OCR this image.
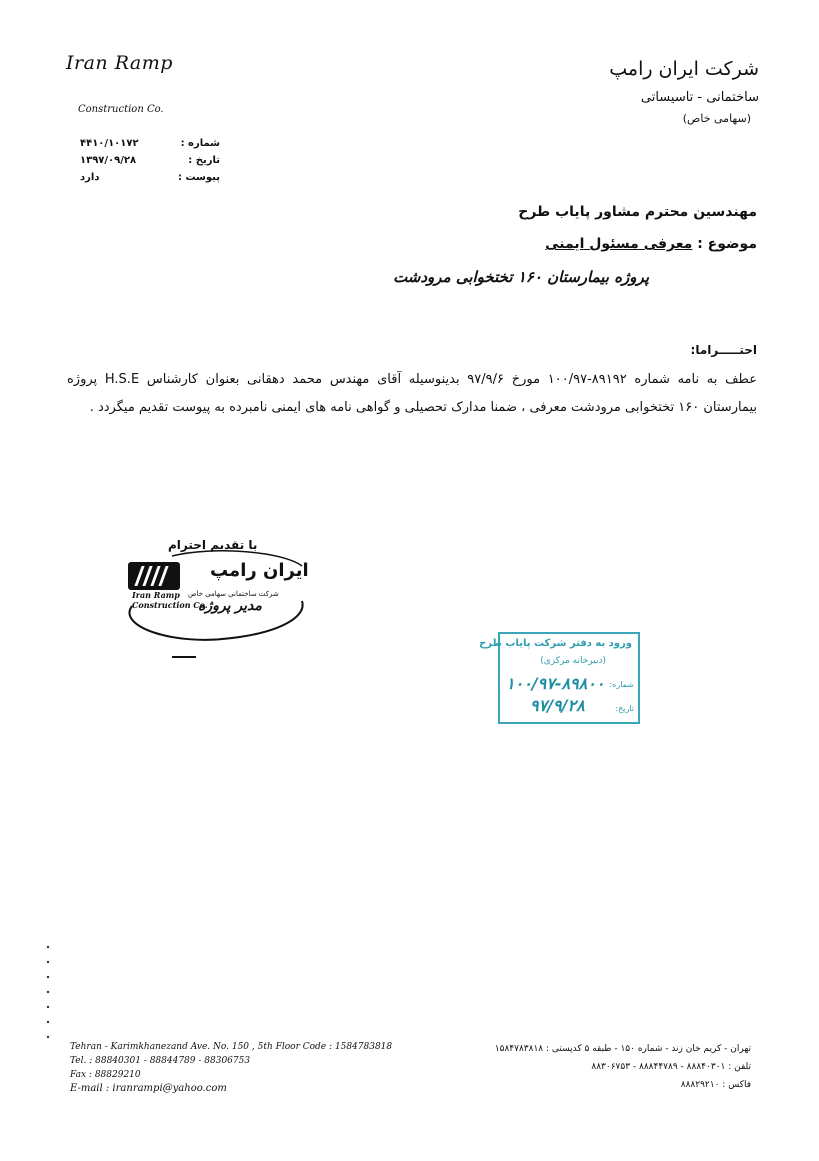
Iran Ramp
Construction Co.
شماره :
۴۴۱۰/۱۰۱۷۲
تاریخ :
۱۳۹۷/۰۹/۲۸
پیوست :
دارد
شرکت ایران رامپ
ساختمانی - تاسیساتی
(سهامی خاص)
مهندسین محترم مشاور پایاب طرح
موضوع : معرفی مسئول ایمنی
پروژه بیمارستان ۱۶۰ تختخوابی مرودشت
احتـــــراما:
عطف به نامه شماره ۸۹۱۹۲-۱۰۰/۹۷ مورخ ۹۷/۹/۶ بدینوسیله آقای مهندس محمد دهقانی بعنوان کارشناس H.S.E پروژه بیمارستان ۱۶۰ تختخوابی مرودشت معرفی ، ضمنا مدارک تحصیلی و گواهی نامه های ایمنی نامبرده به پیوست تقدیم میگردد .
با تقدیم احترام
ایران رامپ
Iran Ramp
Construction Co.
شرکت ساختمانی سهامی خاص
مدیر پروژه
ورود به دفتر شرکت پایاب طرح
(دبیرخانه مرکزی)
شماره:
۱۰۰/۹۷-۸۹۸۰۰
تاریخ:
۹۷/۹/۲۸
Tehran - Karimkhanezand Ave. No. 150 , 5th Floor Code : 1584783818
Tel. : 88840301 - 88844789 - 88306753
Fax : 88829210
E-mail : iranrampi@yahoo.com
تهران - کریم خان زند - شماره ۱۵۰ - طبقه ۵ کدپستی : ۱۵۸۴۷۸۳۸۱۸
تلفن : ۸۸۸۴۰۳۰۱ - ۸۸۸۴۴۷۸۹ - ۸۸۳۰۶۷۵۳
فاکس : ۸۸۸۲۹۲۱۰
